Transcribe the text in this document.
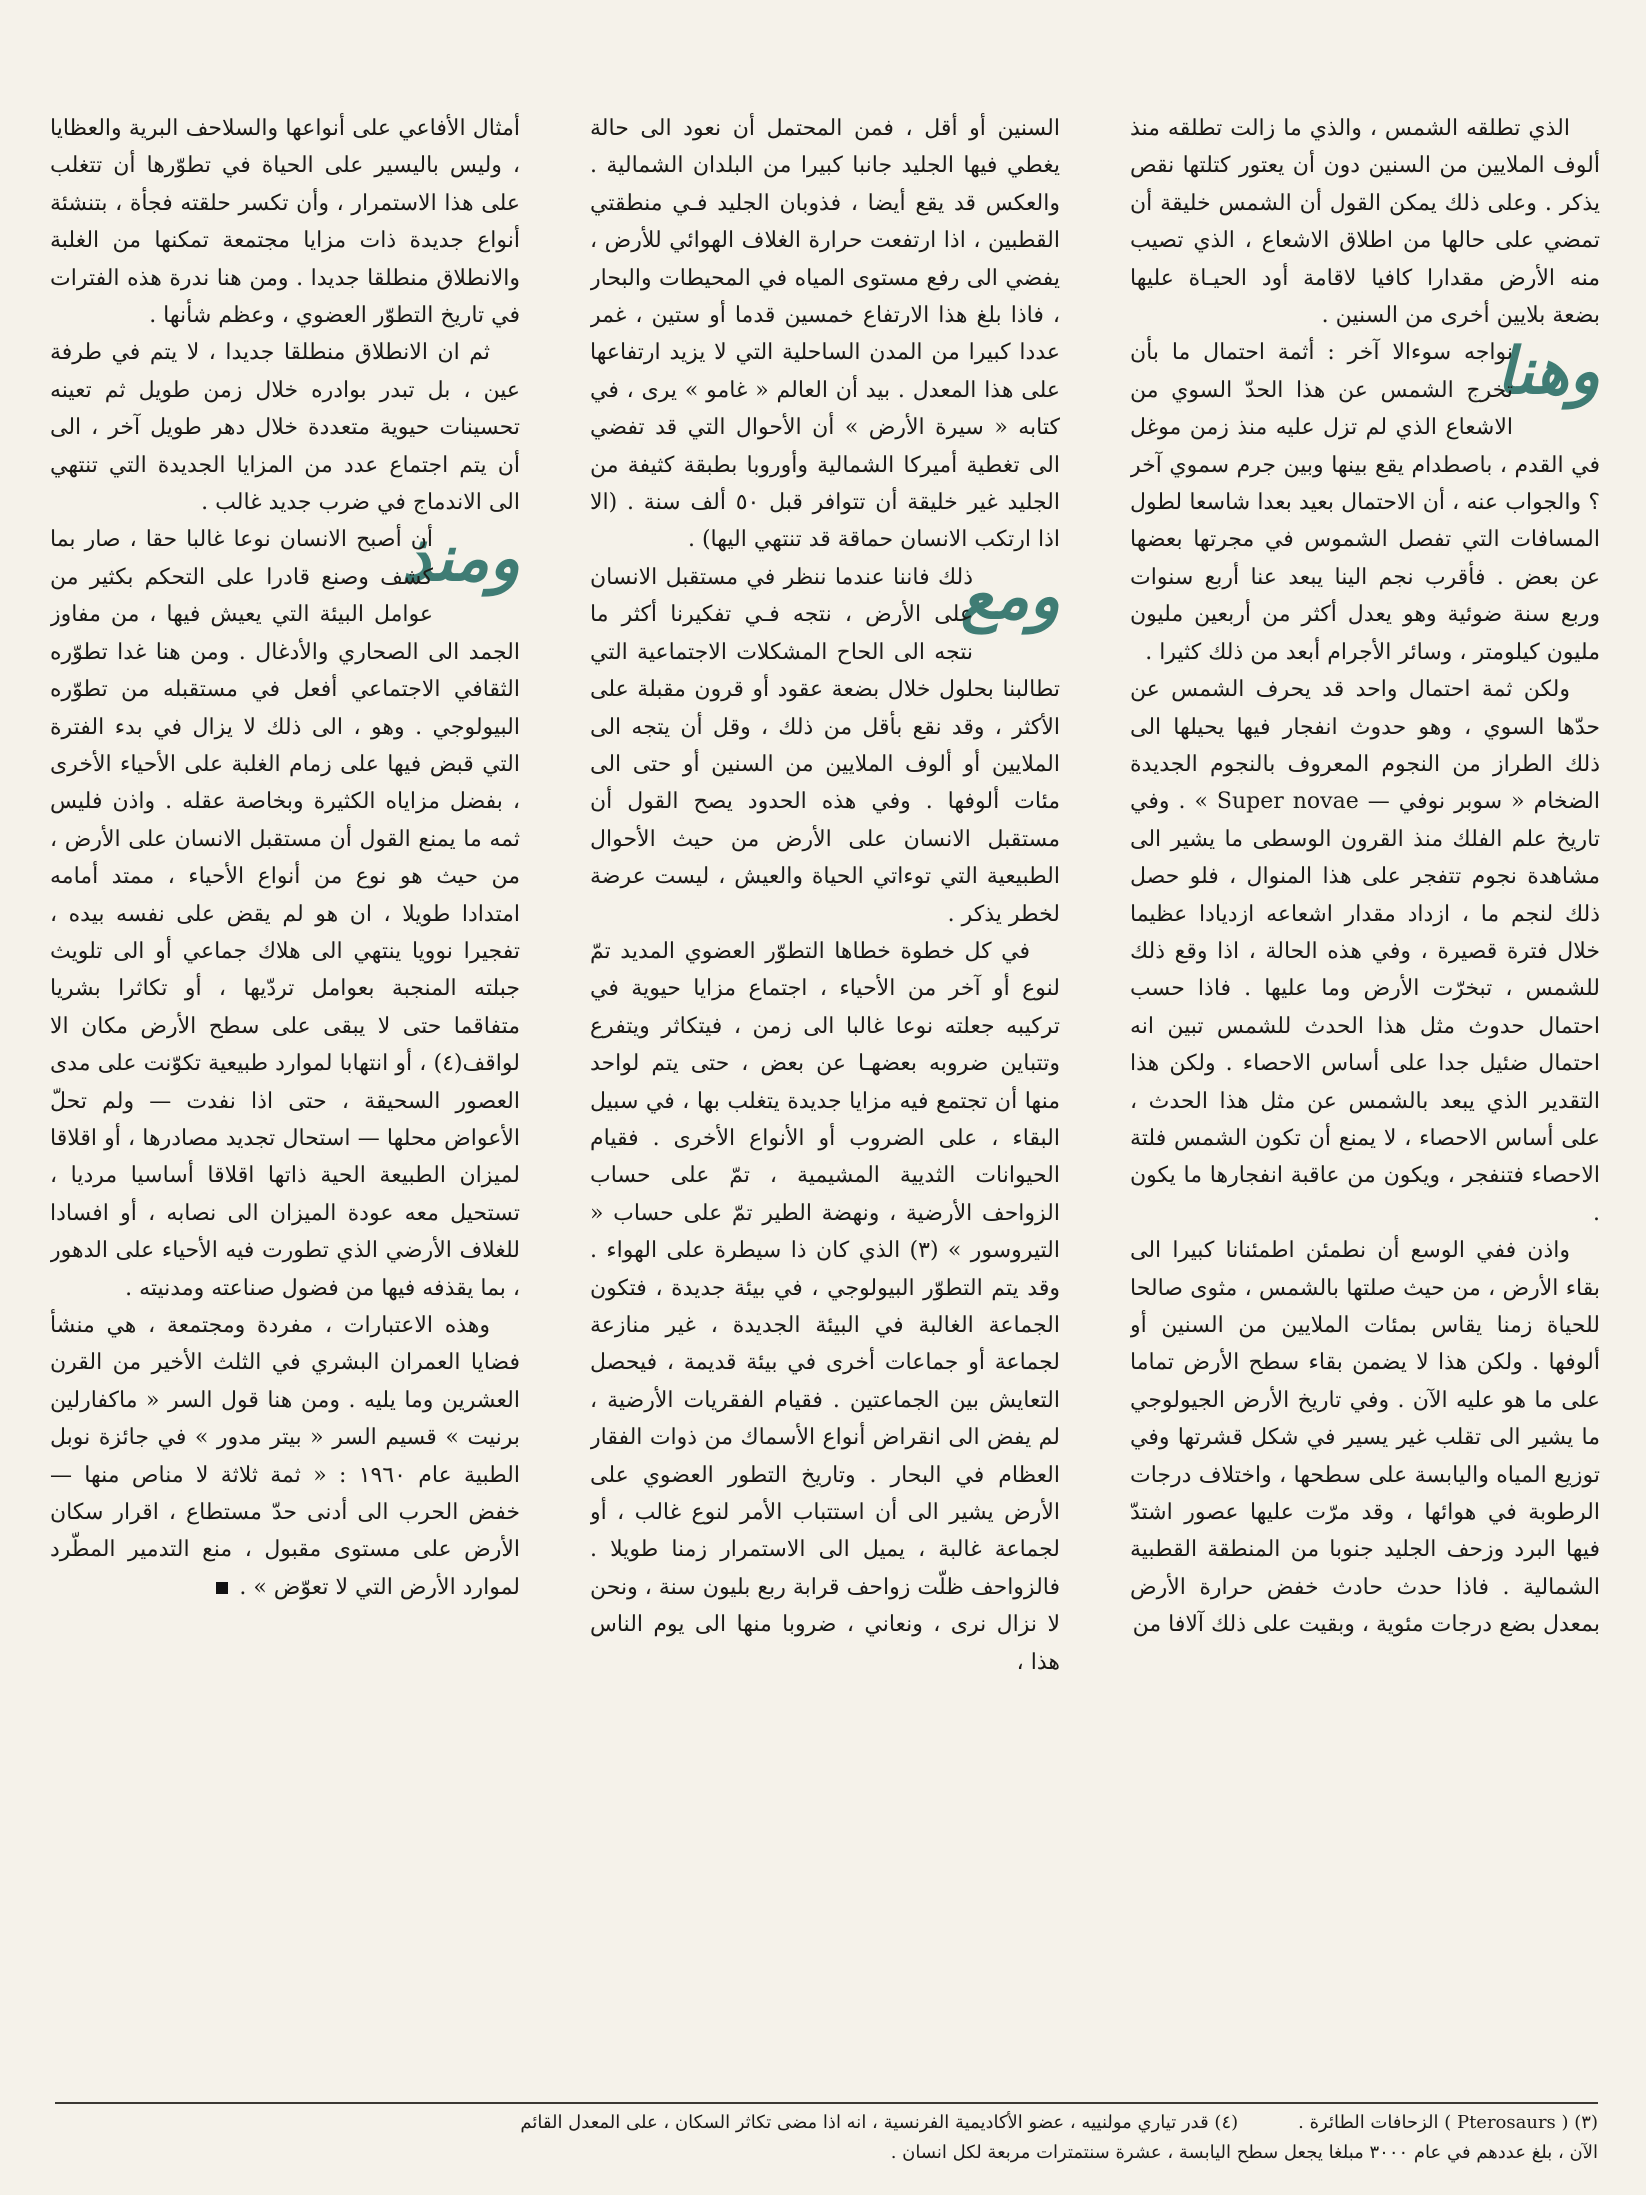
الذي تطلقه الشمس ، والذي ما زالت تطلقه منذ ألوف الملايين من السنين دون أن يعتور كتلتها نقص يذكر . وعلى ذلك يمكن القول أن الشمس خليقة أن تمضي على حالها من اطلاق الاشعاع ، الذي تصيب منه الأرض مقدارا كافيا لاقامة أود الحيـاة عليها بضعة بلايين أخرى من السنين .

وهنا
نواجه سوءالا آخر : أثمة احتمال ما بأن تخرج الشمس عن هذا الحدّ السوي من الاشعاع الذي لم تزل عليه منذ زمن موغل في القدم ، باصطدام يقع بينها وبين جرم سموي آخر ؟ والجواب عنه ، أن الاحتمال بعيد بعدا شاسعا لطول المسافات التي تفصل الشموس في مجرتها بعضها عن بعض . فأقرب نجم الينا يبعد عنا أربع سنوات وربع سنة ضوئية وهو يعدل أكثر من أربعين مليون مليون كيلومتر ، وسائر الأجرام أبعد من ذلك كثيرا .

ولكن ثمة احتمال واحد قد يحرف الشمس عن حدّها السوي ، وهو حدوث انفجار فيها يحيلها الى ذلك الطراز من النجوم المعروف بالنجوم الجديدة الضخام « سوبر نوفي — Super novae » . وفي تاريخ علم الفلك منذ القرون الوسطى ما يشير الى مشاهدة نجوم تتفجر على هذا المنوال ، فلو حصل ذلك لنجم ما ، ازداد مقدار اشعاعه ازديادا عظيما خلال فترة قصيرة ، وفي هذه الحالة ، اذا وقع ذلك للشمس ، تبخرّت الأرض وما عليها . فاذا حسب احتمال حدوث مثل هذا الحدث للشمس تبين انه احتمال ضئيل جدا على أساس الاحصاء . ولكن هذا التقدير الذي يبعد بالشمس عن مثل هذا الحدث ، على أساس الاحصاء ، لا يمنع أن تكون الشمس فلتة الاحصاء فتنفجر ، ويكون من عاقبة انفجارها ما يكون .

واذن ففي الوسع أن نطمئن اطمئنانا كبيرا الى بقاء الأرض ، من حيث صلتها بالشمس ، مثوى صالحا للحياة زمنا يقاس بمئات الملايين من السنين أو ألوفها . ولكن هذا لا يضمن بقاء سطح الأرض تماما على ما هو عليه الآن . وفي تاريخ الأرض الجيولوجي ما يشير الى تقلب غير يسير في شكل قشرتها وفي توزيع المياه واليابسة على سطحها ، واختلاف درجات الرطوبة في هوائها ، وقد مرّت عليها عصور اشتدّ فيها البرد وزحف الجليد جنوبا من المنطقة القطبية الشمالية . فاذا حدث حادث خفض حرارة الأرض بمعدل بضع درجات مئوية ، وبقيت على ذلك آلافا من

السنين أو أقل ، فمن المحتمل أن نعود الى حالة يغطي فيها الجليد جانبا كبيرا من البلدان الشمالية . والعكس قد يقع أيضا ، فذوبان الجليد فـي منطقتي القطبين ، اذا ارتفعت حرارة الغلاف الهوائي للأرض ، يفضي الى رفع مستوى المياه في المحيطات والبحار ، فاذا بلغ هذا الارتفاع خمسين قدما أو ستين ، غمر عددا كبيرا من المدن الساحلية التي لا يزيد ارتفاعها على هذا المعدل . بيد أن العالم « غامو » يرى ، في كتابه « سيرة الأرض » أن الأحوال التي قد تفضي الى تغطية أميركا الشمالية وأوروبا بطبقة كثيفة من الجليد غير خليقة أن تتوافر قبل ٥٠ ألف سنة . (الا اذا ارتكب الانسان حماقة قد تنتهي اليها) .

ومع
ذلك فاننا عندما ننظر في مستقبل الانسان على الأرض ، نتجه فـي تفكيرنا أكثر ما نتجه الى الحاح المشكلات الاجتماعية التي تطالبنا بحلول خلال بضعة عقود أو قرون مقبلة على الأكثر ، وقد نقع بأقل من ذلك ، وقل أن يتجه الى الملايين أو ألوف الملايين من السنين أو حتى الى مئات ألوفها . وفي هذه الحدود يصح القول أن مستقبل الانسان على الأرض من حيث الأحوال الطبيعية التي توءاتي الحياة والعيش ، ليست عرضة لخطر يذكر .

في كل خطوة خطاها التطوّر العضوي المديد تمّ لنوع أو آخر من الأحياء ، اجتماع مزايا حيوية في تركيبه جعلته نوعا غالبا الى زمن ، فيتكاثر ويتفرع وتتباين ضروبه بعضهـا عن بعض ، حتى يتم لواحد منها أن تجتمع فيه مزايا جديدة يتغلب بها ، في سبيل البقاء ، على الضروب أو الأنواع الأخرى . فقيام الحيوانات الثديية المشيمية ، تمّ على حساب الزواحف الأرضية ، ونهضة الطير تمّ على حساب « التيروسور » (٣) الذي كان ذا سيطرة على الهواء . وقد يتم التطوّر البيولوجي ، في بيئة جديدة ، فتكون الجماعة الغالبة في البيئة الجديدة ، غير منازعة لجماعة أو جماعات أخرى في بيئة قديمة ، فيحصل التعايش بين الجماعتين . فقيام الفقريات الأرضية ، لم يفض الى انقراض أنواع الأسماك من ذوات الفقار العظام في البحار . وتاريخ التطور العضوي على الأرض يشير الى أن استتباب الأمر لنوع غالب ، أو لجماعة غالبة ، يميل الى الاستمرار زمنا طويلا . فالزواحف ظلّت زواحف قرابة ربع بليون سنة ، ونحن لا نزال نرى ، ونعاني ، ضروبا منها الى يوم الناس هذا ،

أمثال الأفاعي على أنواعها والسلاحف البرية والعظايا ، وليس باليسير على الحياة في تطوّرها أن تتغلب على هذا الاستمرار ، وأن تكسر حلقته فجأة ، بتنشئة أنواع جديدة ذات مزايا مجتمعة تمكنها من الغلبة والانطلاق منطلقا جديدا . ومن هنا ندرة هذه الفترات في تاريخ التطوّر العضوي ، وعظم شأنها .

ثم ان الانطلاق منطلقا جديدا ، لا يتم في طرفة عين ، بل تبدر بوادره خلال زمن طويل ثم تعينه تحسينات حيوية متعددة خلال دهر طويل آخر ، الى أن يتم اجتماع عدد من المزايا الجديدة التي تنتهي الى الاندماج في ضرب جديد غالب .

ومنذ
أن أصبح الانسان نوعا غالبا حقا ، صار بما كشف وصنع قادرا على التحكم بكثير من عوامل البيئة التي يعيش فيها ، من مفاوز الجمد الى الصحاري والأدغال . ومن هنا غدا تطوّره الثقافي الاجتماعي أفعل في مستقبله من تطوّره البيولوجي . وهو ، الى ذلك لا يزال في بدء الفترة التي قبض فيها على زمام الغلبة على الأحياء الأخرى ، بفضل مزاياه الكثيرة وبخاصة عقله . واذن فليس ثمه ما يمنع القول أن مستقبل الانسان على الأرض ، من حيث هو نوع من أنواع الأحياء ، ممتد أمامه امتدادا طويلا ، ان هو لم يقض على نفسه بيده ، تفجيرا نوويا ينتهي الى هلاك جماعي أو الى تلويث جبلته المنجبة بعوامل تردّيها ، أو تكاثرا بشريا متفاقما حتى لا يبقى على سطح الأرض مكان الا لواقف(٤) ، أو انتهابا لموارد طبيعية تكوّنت على مدى العصور السحيقة ، حتى اذا نفدت — ولم تحلّ الأعواض محلها — استحال تجديد مصادرها ، أو اقلاقا لميزان الطبيعة الحية ذاتها اقلاقا أساسيا مرديا ، تستحيل معه عودة الميزان الى نصابه ، أو افسادا للغلاف الأرضي الذي تطورت فيه الأحياء على الدهور ، بما يقذفه فيها من فضول صناعته ومدنيته .

وهذه الاعتبارات ، مفردة ومجتمعة ، هي منشأ فضايا العمران البشري في الثلث الأخير من القرن العشرين وما يليه . ومن هنا قول السر « ماكفارلين برنيت » قسيم السر « بيتر مدور » في جائزة نوبل الطبية عام ١٩٦٠ : « ثمة ثلاثة لا مناص منها — خفض الحرب الى أدنى حدّ مستطاع ، اقرار سكان الأرض على مستوى مقبول ، منع التدمير المطّرد لموارد الأرض التي لا تعوّض » .

(٣) ( Pterosaurs ) الزحافات الطائرة .(٤) قدر تياري مولنييه ، عضو الأكاديمية الفرنسية ، انه اذا مضى تكاثر السكان ، على المعدل القائم
الآن ، بلغ عددهم في عام ٣٠٠٠ مبلغا يجعل سطح اليابسة ، عشرة سنتمترات مربعة لكل انسان .
